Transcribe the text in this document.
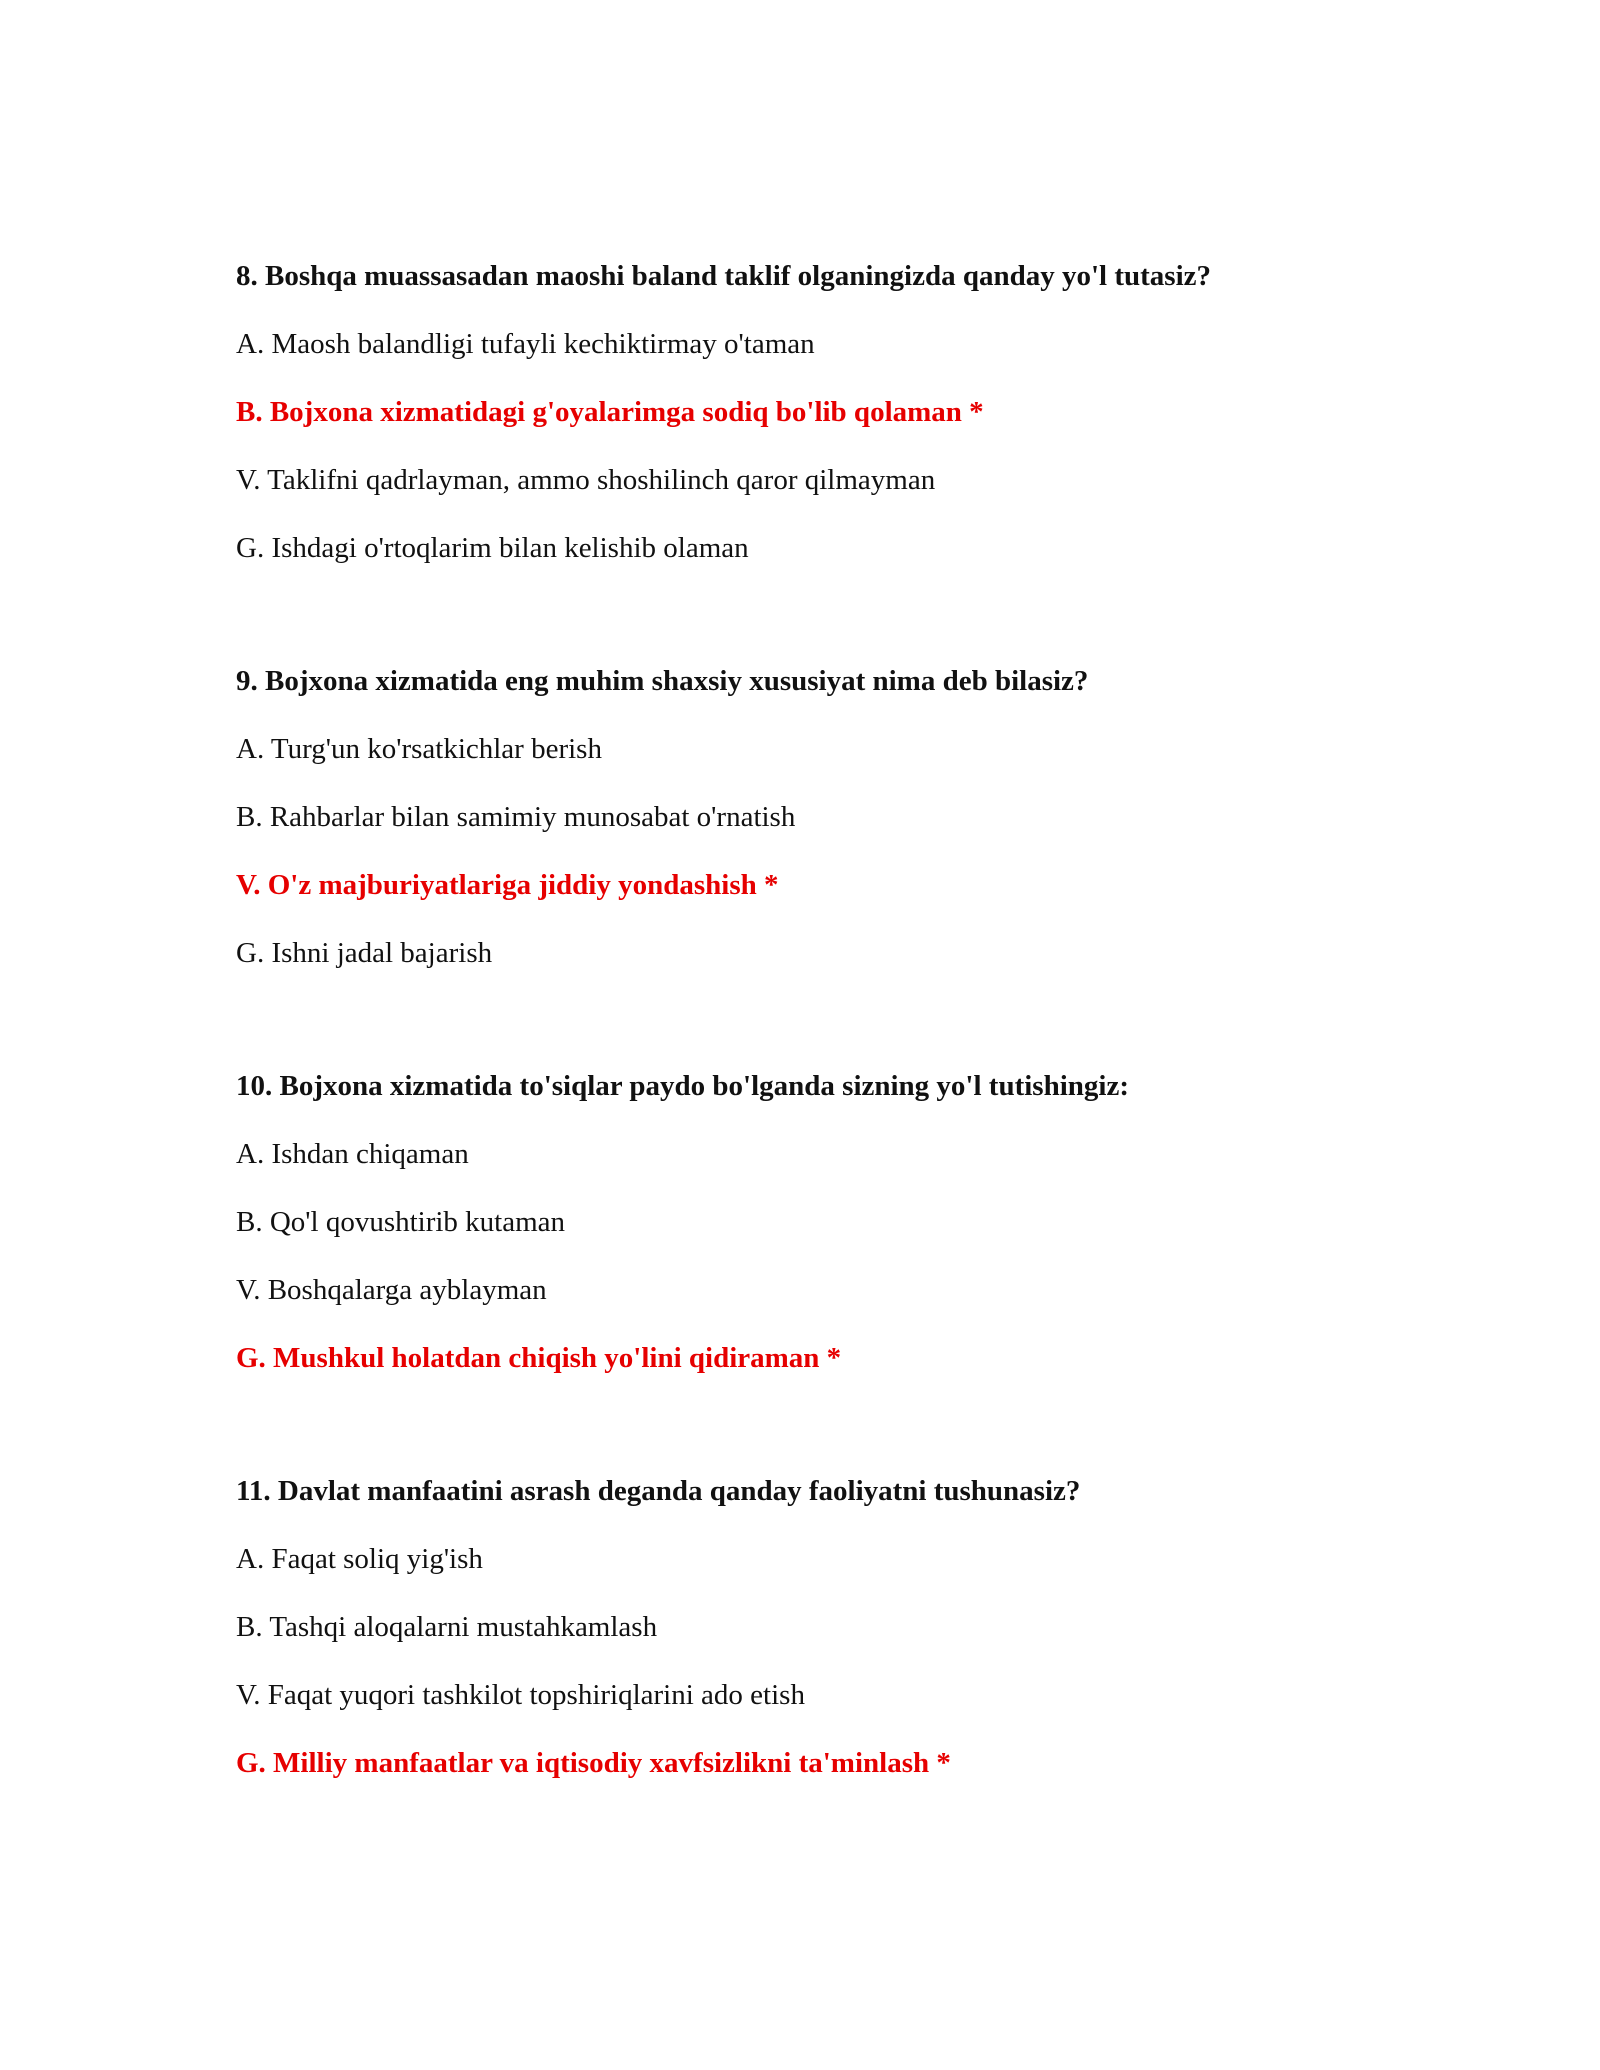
8. Boshqa muassasadan maoshi baland taklif olganingizda qanday yo'l tutasiz?
A. Maosh balandligi tufayli kechiktirmay o'taman
B. Bojxona xizmatidagi g'oyalarimga sodiq bo'lib qolaman *
V. Taklifni qadrlayman, ammo shoshilinch qaror qilmayman
G. Ishdagi o'rtoqlarim bilan kelishib olaman
9. Bojxona xizmatida eng muhim shaxsiy xususiyat nima deb bilasiz?
A. Turg'un ko'rsatkichlar berish
B. Rahbarlar bilan samimiy munosabat o'rnatish
V. O'z majburiyatlariga jiddiy yondashish *
G. Ishni jadal bajarish
10. Bojxona xizmatida to'siqlar paydo bo'lganda sizning yo'l tutishingiz:
A. Ishdan chiqaman
B. Qo'l qovushtirib kutaman
V. Boshqalarga ayblayman
G. Mushkul holatdan chiqish yo'lini qidiraman *
11. Davlat manfaatini asrash deganda qanday faoliyatni tushunasiz?
A. Faqat soliq yig'ish
B. Tashqi aloqalarni mustahkamlash
V. Faqat yuqori tashkilot topshiriqlarini ado etish
G. Milliy manfaatlar va iqtisodiy xavfsizlikni ta'minlash *
